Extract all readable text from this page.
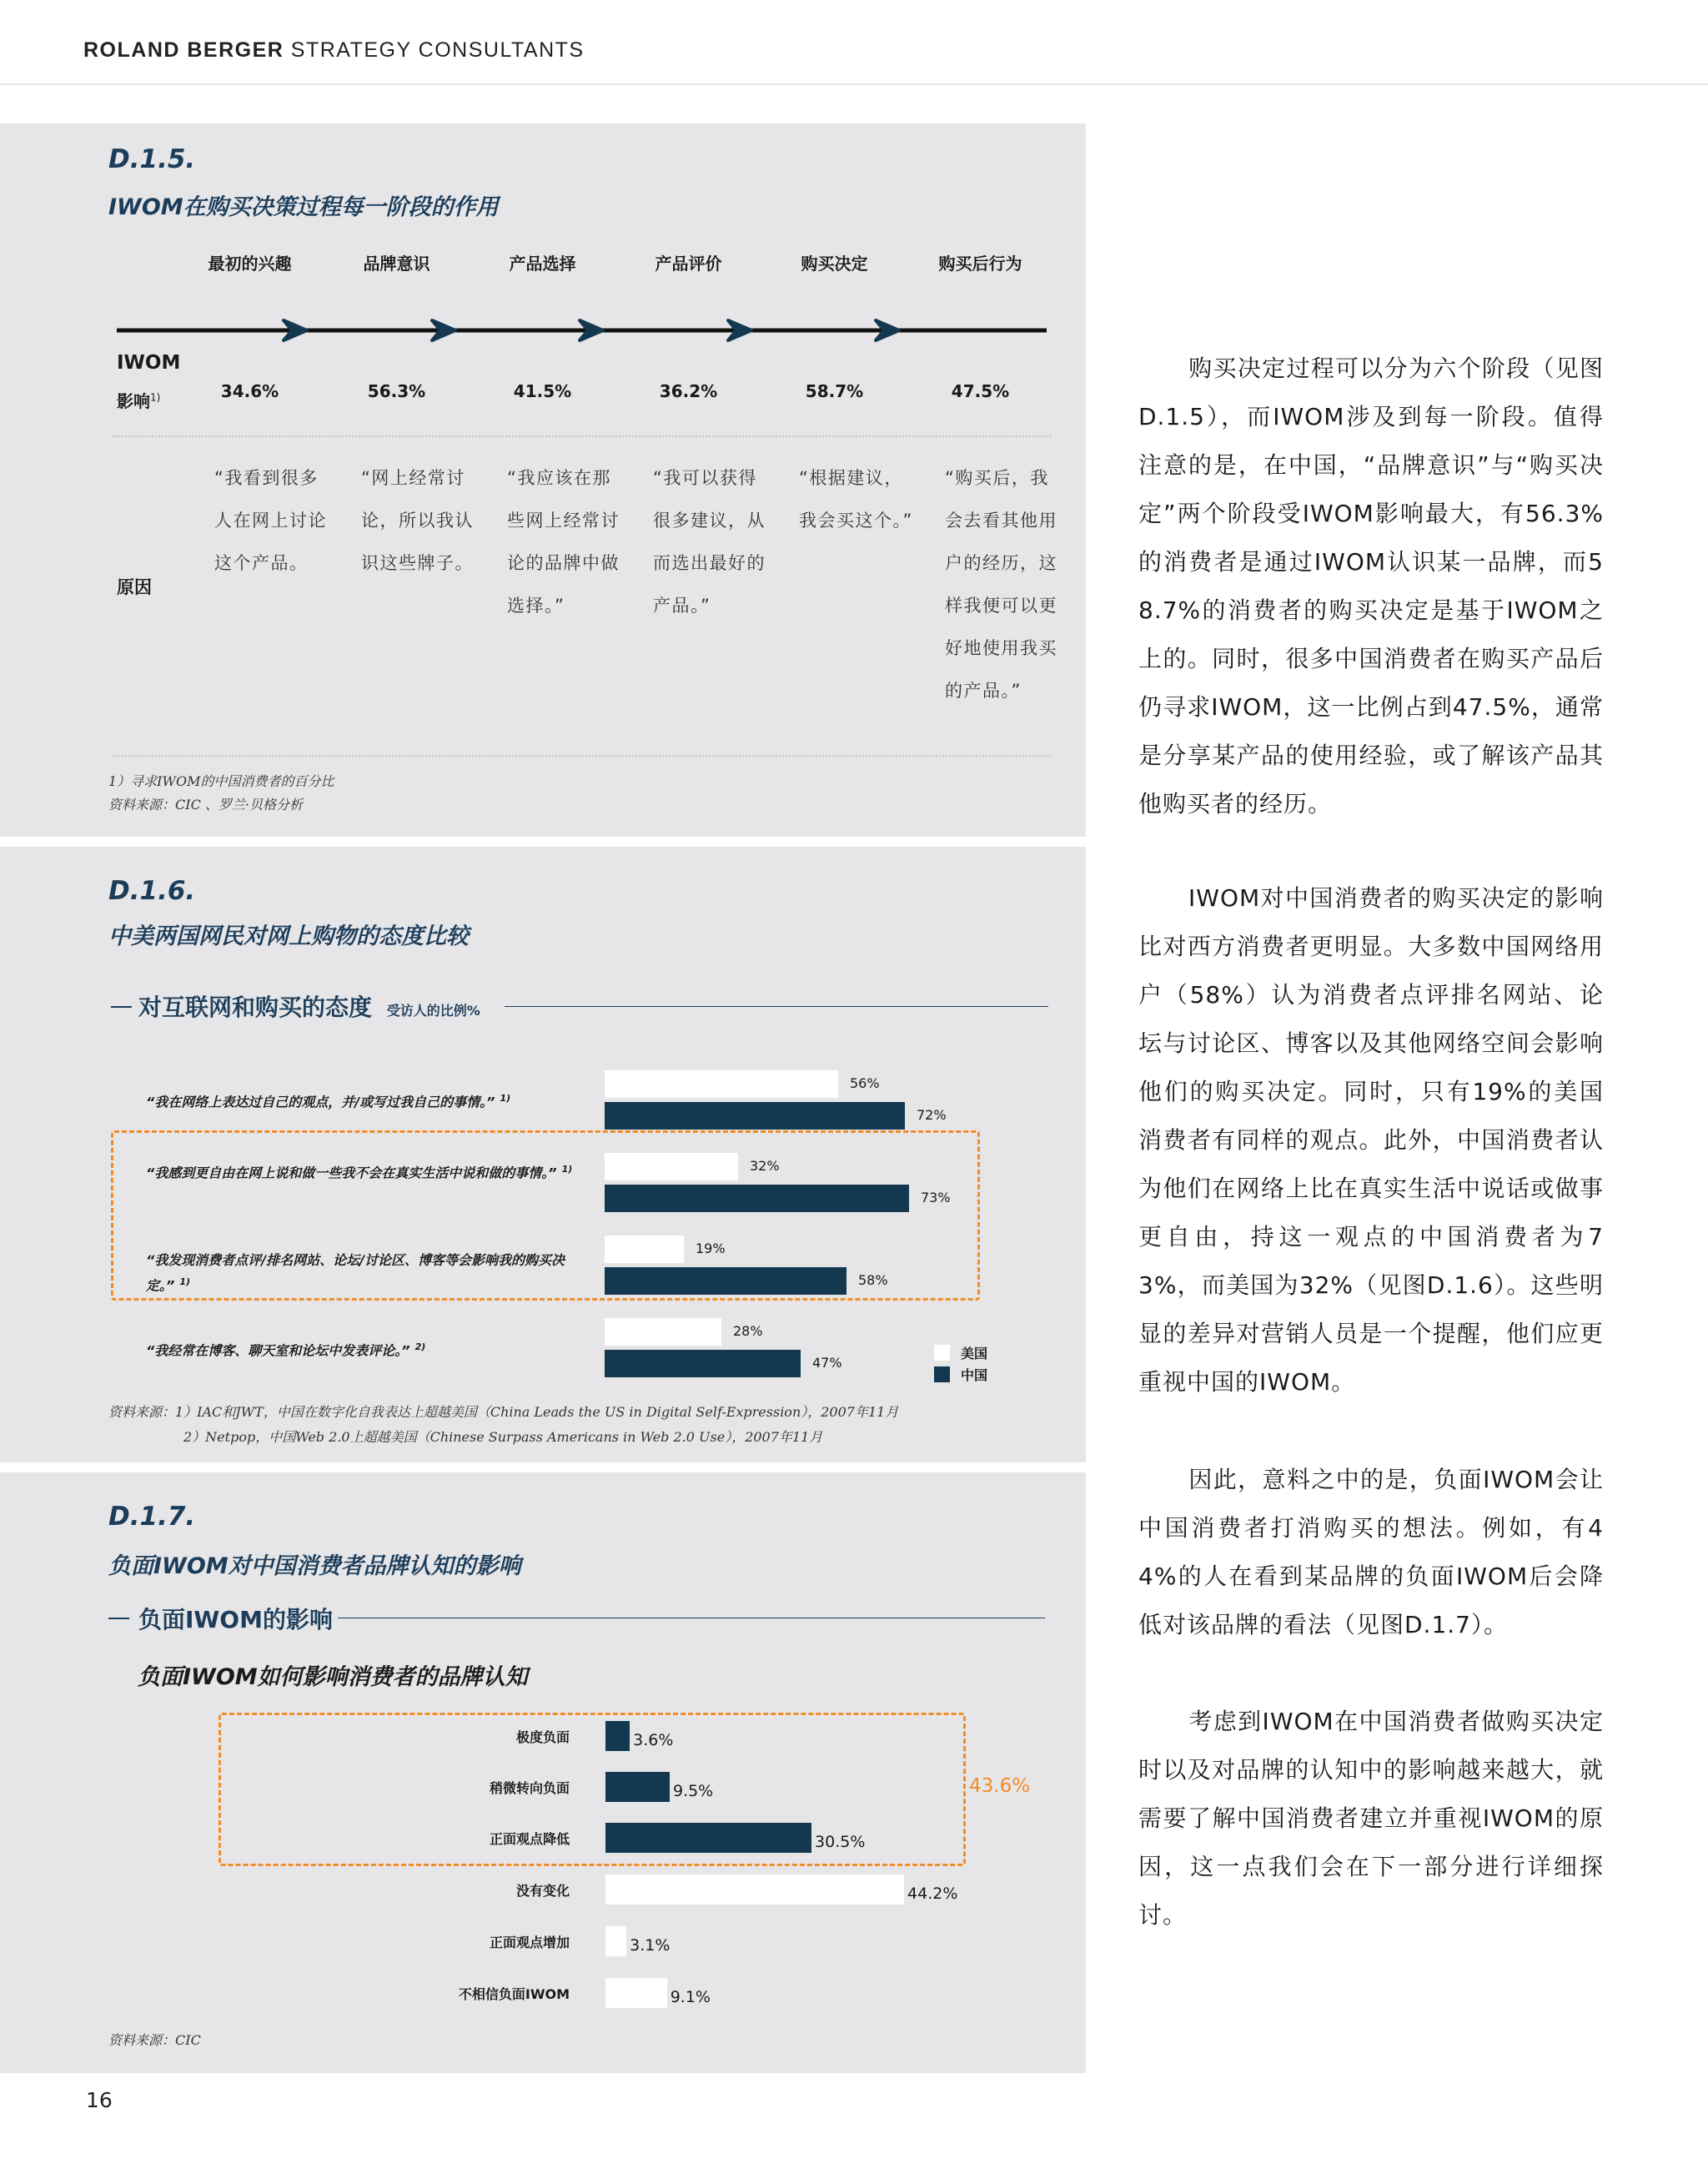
ROLAND BERGER STRATEGY CONSULTANTS
D.1.5.
IWOM在购买决策过程每一阶段的作用
最初的兴趣	品牌意识	产品选择	产品评价	购买决定	购买后行为
IWOM
影响$^{1)}$	34.6%	56.3%	41.5%	36.2%	58.7%	47.5%
原因
“我看到很多人在网上讨论这个产品。
“网上经常讨论，所以我认识这些牌子。
“我应该在那些网上经常讨论的品牌中做选择。”
“我可以获得很多建议，从而选出最好的产品。”
“根据建议，我会买这个。”
“购买后，我会去看其他用户的经历，这样我便可以更好地使用我买的产品。”
1）寻求IWOM的中国消费者的百分比
资料来源：CIC 、罗兰·贝格分析
D.1.6.
中美两国网民对网上购物的态度比较
对互联网和购买的态度 受访人的比例%
“我在网络上表达过自己的观点，并/或写过我自己的事情。” $^{1)}$
56%
72%
“我感到更自由在网上说和做一些我不会在真实生活中说和做的事情。” $^{1)}$	32%
73%
“我发现消费者点评/排名网站、论坛/讨论区、博客等会影响我的购买决定。” $^{1)}$
19%
58%
“我经常在博客、聊天室和论坛中发表评论。” $^{2)}$
28%
47%
美国
中国
资料来源：1）IAC和JWT，中国在数字化自我表达上超越美国（China Leads the US in Digital Self-Expression），2007年11月
2）Netpop，中国Web 2.0上超越美国（Chinese Surpass Americans in Web 2.0 Use），2007年11月
D.1.7.
负面IWOM对中国消费者品牌认知的影响
负面IWOM的影响
负面IWOM如何影响消费者的品牌认知
43.6%
极度负面	3.6%
稍微转向负面	9.5%
正面观点降低	30.5%
没有变化	44.2%
正面观点增加	3.1%
不相信负面IWOM	9.1%
资料来源：CIC
购买决定过程可以分为六个阶段（见图D.1.5），而IWOM涉及到每一阶段。值得注意的是，在中国，“品牌意识”与“购买决定”两个阶段受IWOM影响最大，有56.3%的消费者是通过IWOM认识某一品牌，而58.7%的消费者的购买决定是基于IWOM之上的。同时，很多中国消费者在购买产品后仍寻求IWOM，这一比例占到47.5%，通常是分享某产品的使用经验，或了解该产品其他购买者的经历。
IWOM对中国消费者的购买决定的影响比对西方消费者更明显。大多数中国网络用户（58%）认为消费者点评排名网站、论坛与讨论区、博客以及其他网络空间会影响他们的购买决定。同时，只有19%的美国消费者有同样的观点。此外，中国消费者认为他们在网络上比在真实生活中说话或做事更自由，持这一观点的中国消费者为73%，而美国为32%（见图D.1.6）。这些明显的差异对营销人员是一个提醒，他们应更重视中国的IWOM。
因此，意料之中的是，负面IWOM会让中国消费者打消购买的想法。例如，有44%的人在看到某品牌的负面IWOM后会降低对该品牌的看法（见图D.1.7）。
考虑到IWOM在中国消费者做购买决定时以及对品牌的认知中的影响越来越大，就需要了解中国消费者建立并重视IWOM的原因，这一点我们会在下一部分进行详细探讨。
16
